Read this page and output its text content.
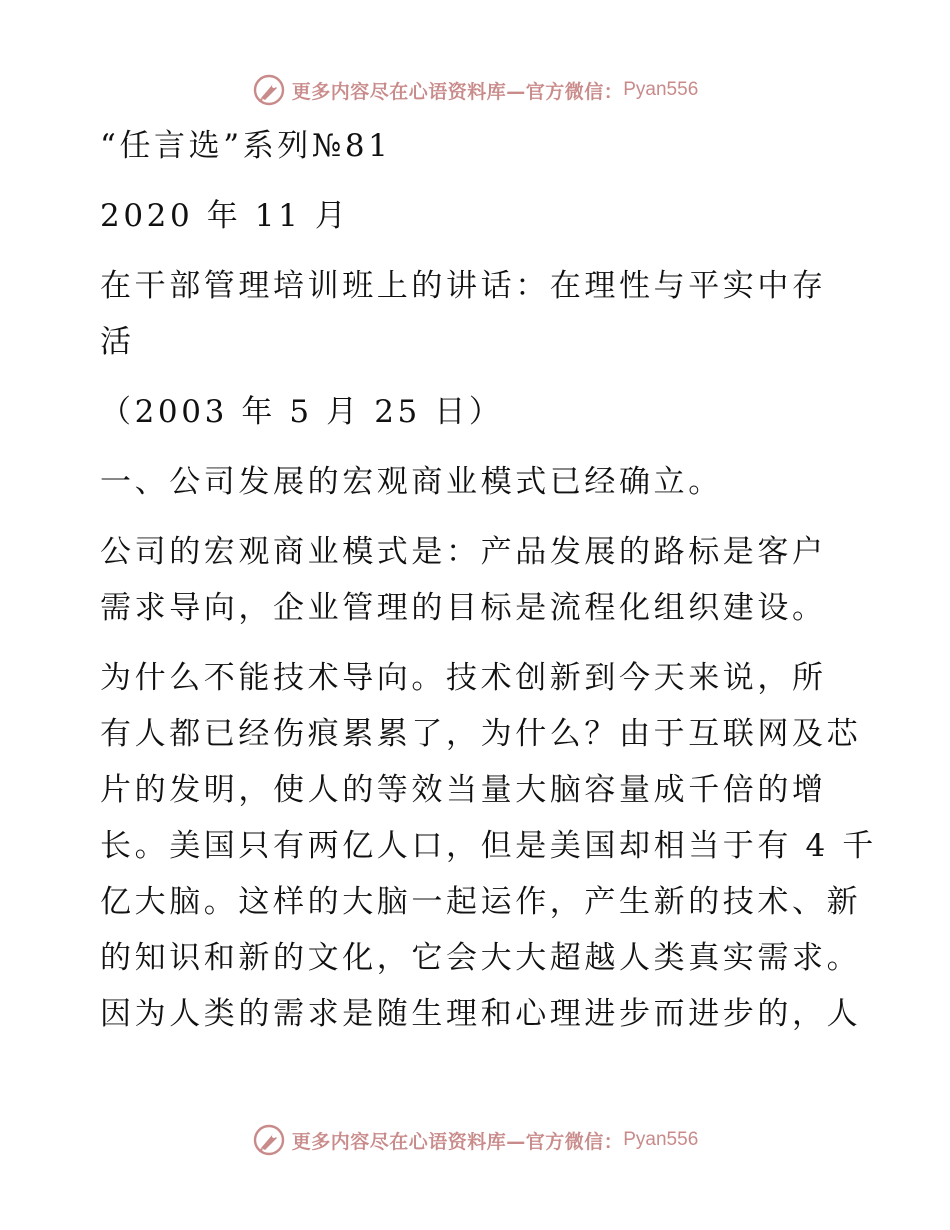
更多内容尽在心语资料库—官方微信： Pyan556
“任言选”系列№81
2020 年 11 月
在干部管理培训班上的讲话：在理性与平实中存
活
（2003 年 5 月 25 日）
一、公司发展的宏观商业模式已经确立。
公司的宏观商业模式是：产品发展的路标是客户
需求导向，企业管理的目标是流程化组织建设。
为什么不能技术导向。技术创新到今天来说，所
有人都已经伤痕累累了，为什么？由于互联网及芯
片的发明，使人的等效当量大脑容量成千倍的增
长。美国只有两亿人口，但是美国却相当于有 4 千
亿大脑。这样的大脑一起运作，产生新的技术、新
的知识和新的文化，它会大大超越人类真实需求。
因为人类的需求是随生理和心理进步而进步的，人
更多内容尽在心语资料库—官方微信： Pyan556
